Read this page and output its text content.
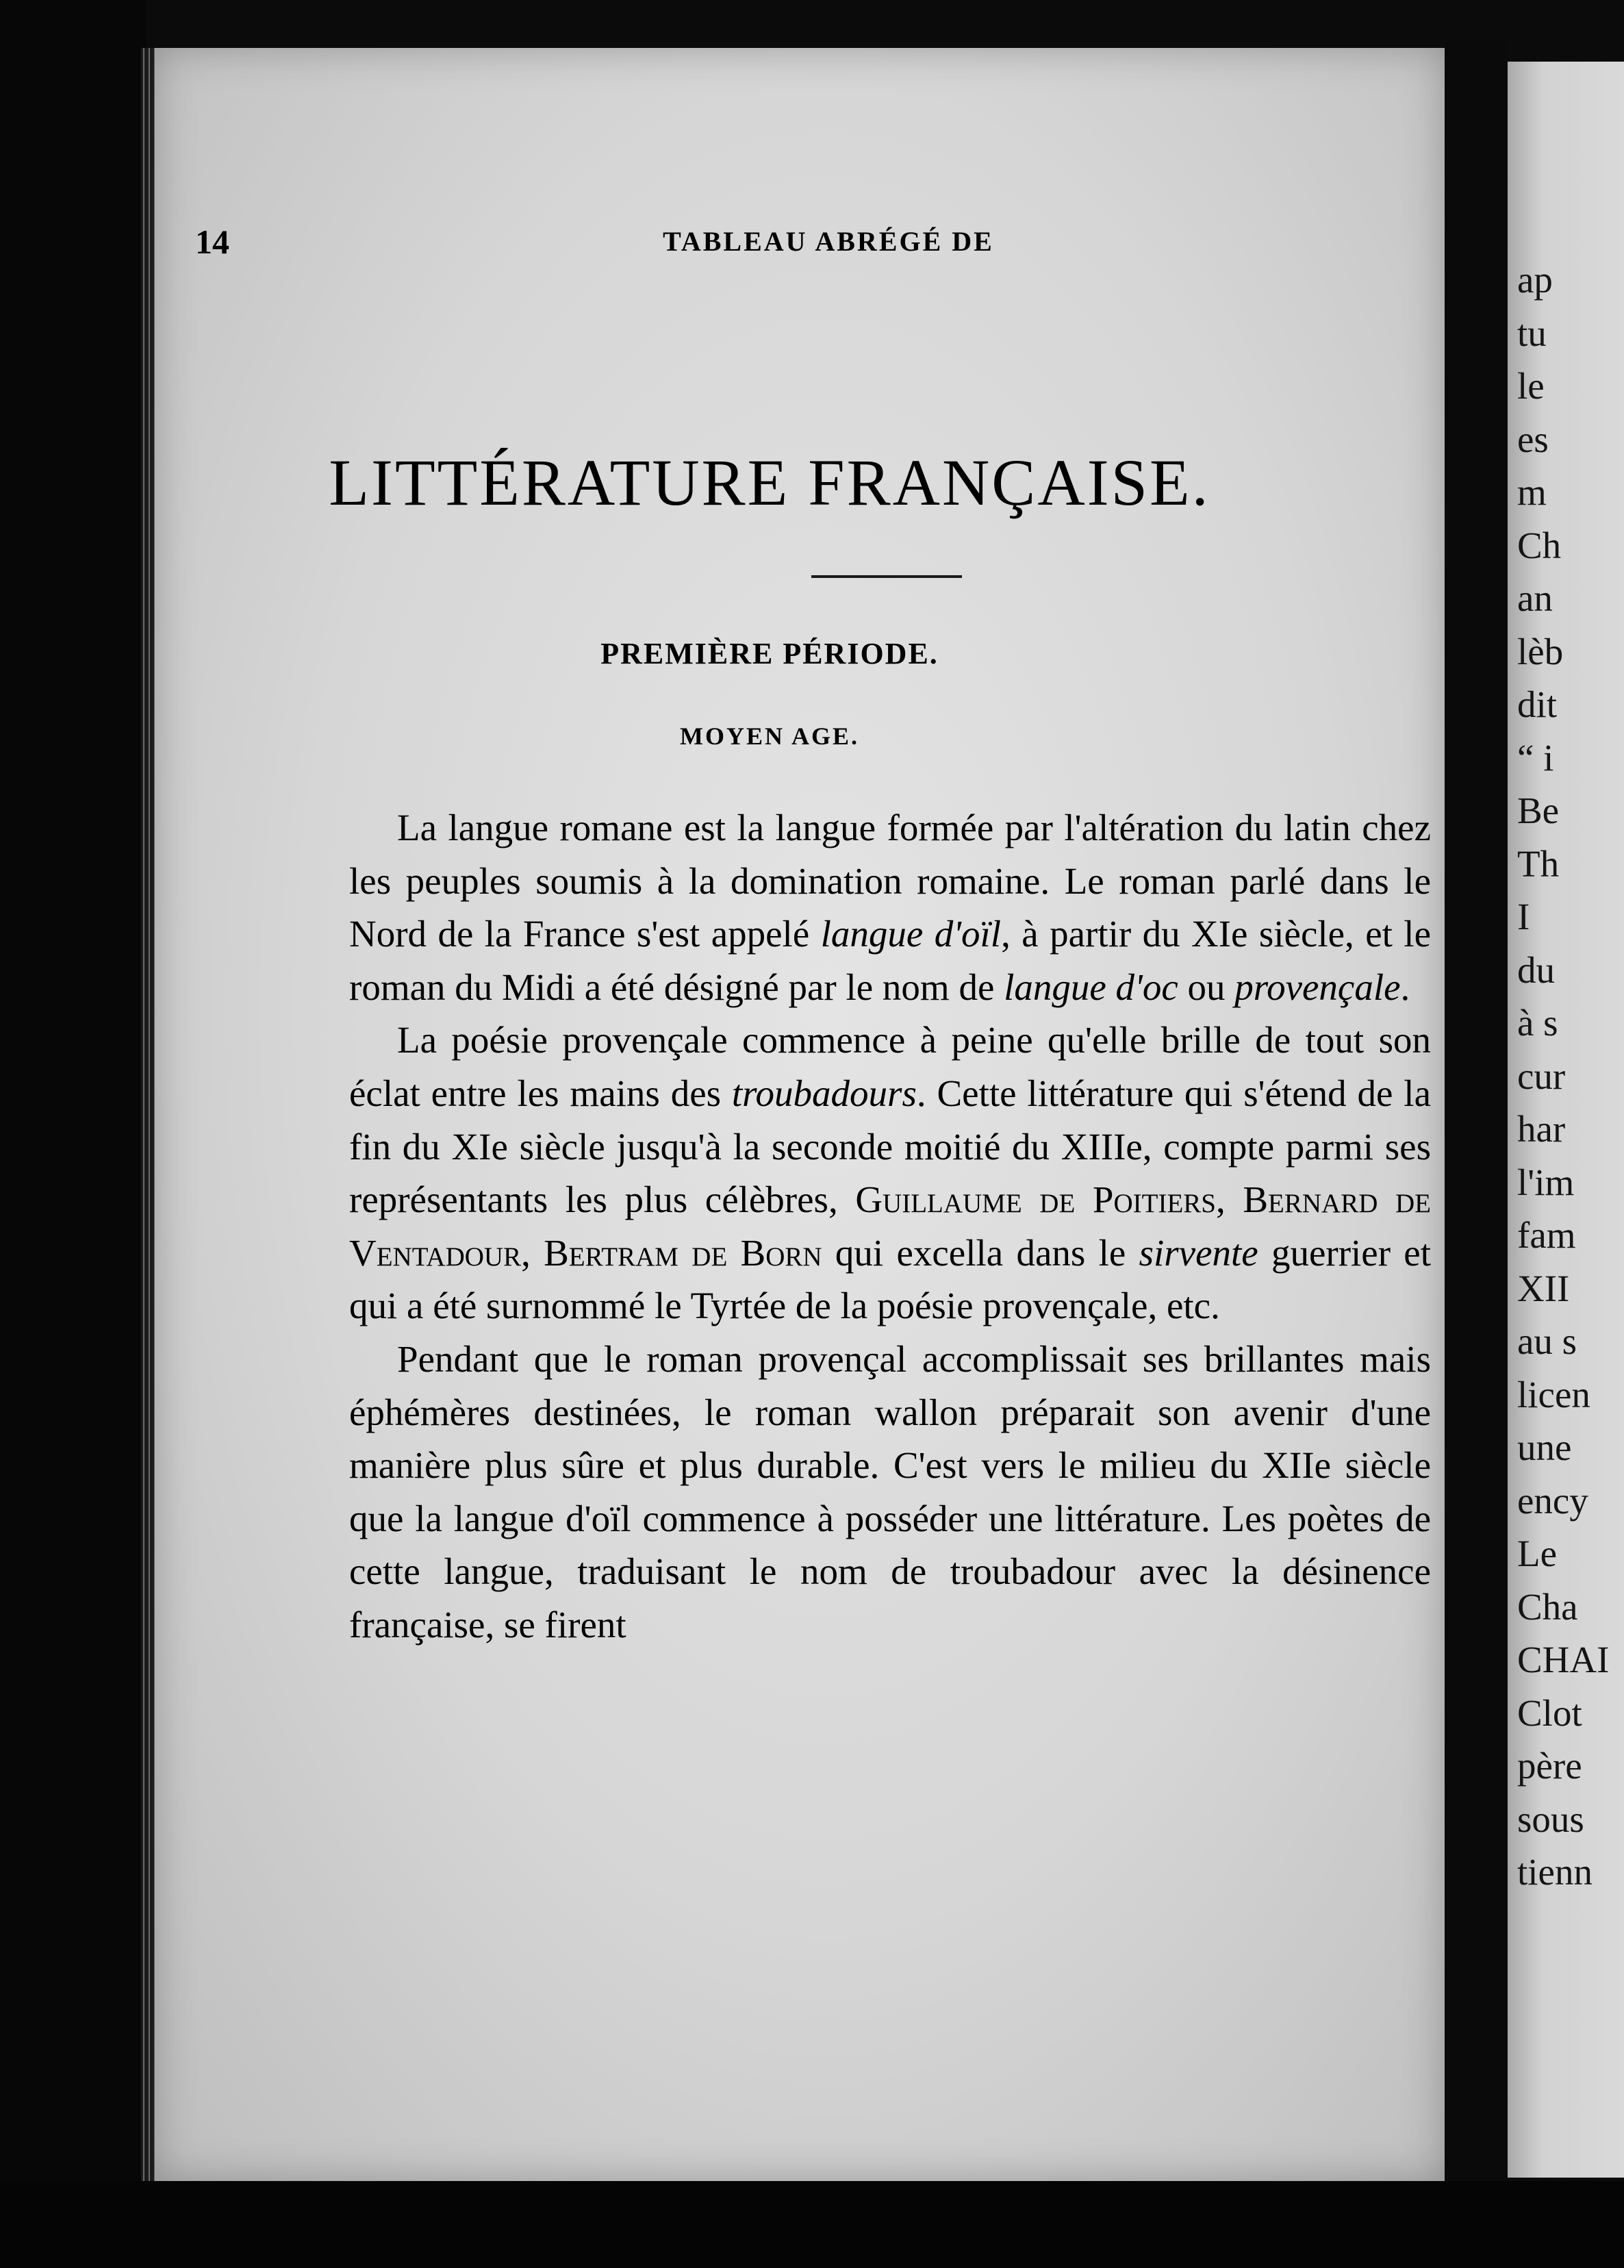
14	TABLEAU ABRÉGÉ DE
LITTÉRATURE FRANÇAISE.
PREMIÈRE PÉRIODE.
MOYEN AGE.

La langue romane est la langue formée par l'altération du latin chez les peuples soumis à la domination romaine. Le roman parlé dans le Nord de la France s'est appelé langue d'oïl, à partir du XIe siècle, et le roman du Midi a été désigné par le nom de langue d'oc ou provençale.

La poésie provençale commence à peine qu'elle brille de tout son éclat entre les mains des troubadours. Cette littérature qui s'étend de la fin du XIe siècle jusqu'à la seconde moitié du XIIIe, compte parmi ses représentants les plus célèbres, Guillaume de Poitiers, Bernard de Ventadour, Bertram de Born qui excella dans le sirvente guerrier et qui a été surnommé le Tyrtée de la poésie provençale, etc.

Pendant que le roman provençal accomplissait ses brillantes mais éphémères destinées, le roman wallon préparait son avenir d'une manière plus sûre et plus durable. C'est vers le milieu du XIIe siècle que la langue d'oïl commence à posséder une littérature. Les poètes de cette langue, traduisant le nom de troubadour avec la désinence française, se firent

ap
tu
le
es
m
Ch
an
lèb
dit
“ i
Be
Th
I
du
à s
cur
har
l'im
fam
XII
au s
licen
une
ency
Le
Cha
CHAI
Clot
père
sous
tienn
